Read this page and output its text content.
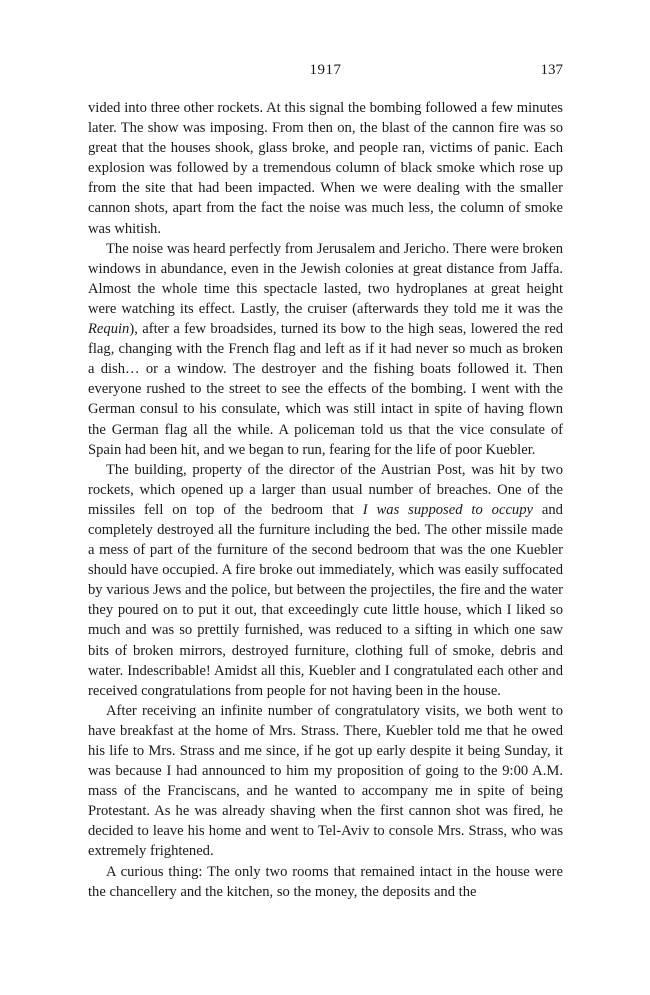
1917	137

vided into three other rockets. At this signal the bombing followed a few minutes later. The show was imposing. From then on, the blast of the cannon fire was so great that the houses shook, glass broke, and people ran, victims of panic. Each explosion was followed by a tremendous column of black smoke which rose up from the site that had been impacted. When we were dealing with the smaller cannon shots, apart from the fact the noise was much less, the column of smoke was whitish.

The noise was heard perfectly from Jerusalem and Jericho. There were broken windows in abundance, even in the Jewish colonies at great distance from Jaffa. Almost the whole time this spectacle lasted, two hydroplanes at great height were watching its effect. Lastly, the cruiser (afterwards they told me it was the Requin), after a few broadsides, turned its bow to the high seas, lowered the red flag, changing with the French flag and left as if it had never so much as broken a dish… or a window. The destroyer and the fishing boats followed it. Then everyone rushed to the street to see the effects of the bombing. I went with the German consul to his consulate, which was still intact in spite of having flown the German flag all the while. A policeman told us that the vice consulate of Spain had been hit, and we began to run, fearing for the life of poor Kuebler.

The building, property of the director of the Austrian Post, was hit by two rockets, which opened up a larger than usual number of breaches. One of the missiles fell on top of the bedroom that I was supposed to occupy and completely destroyed all the furniture including the bed. The other missile made a mess of part of the furniture of the second bedroom that was the one Kuebler should have occupied. A fire broke out immediately, which was easily suffocated by various Jews and the police, but between the projectiles, the fire and the water they poured on to put it out, that exceedingly cute little house, which I liked so much and was so prettily furnished, was reduced to a sifting in which one saw bits of broken mirrors, destroyed furniture, clothing full of smoke, debris and water. Indescribable! Amidst all this, Kuebler and I congratulated each other and received congratulations from people for not having been in the house.

After receiving an infinite number of congratulatory visits, we both went to have breakfast at the home of Mrs. Strass. There, Kuebler told me that he owed his life to Mrs. Strass and me since, if he got up early despite it being Sunday, it was because I had announced to him my proposition of going to the 9:00 A.M. mass of the Franciscans, and he wanted to accompany me in spite of being Protestant. As he was already shaving when the first cannon shot was fired, he decided to leave his home and went to Tel-Aviv to console Mrs. Strass, who was extremely frightened.

A curious thing: The only two rooms that remained intact in the house were the chancellery and the kitchen, so the money, the deposits and the
